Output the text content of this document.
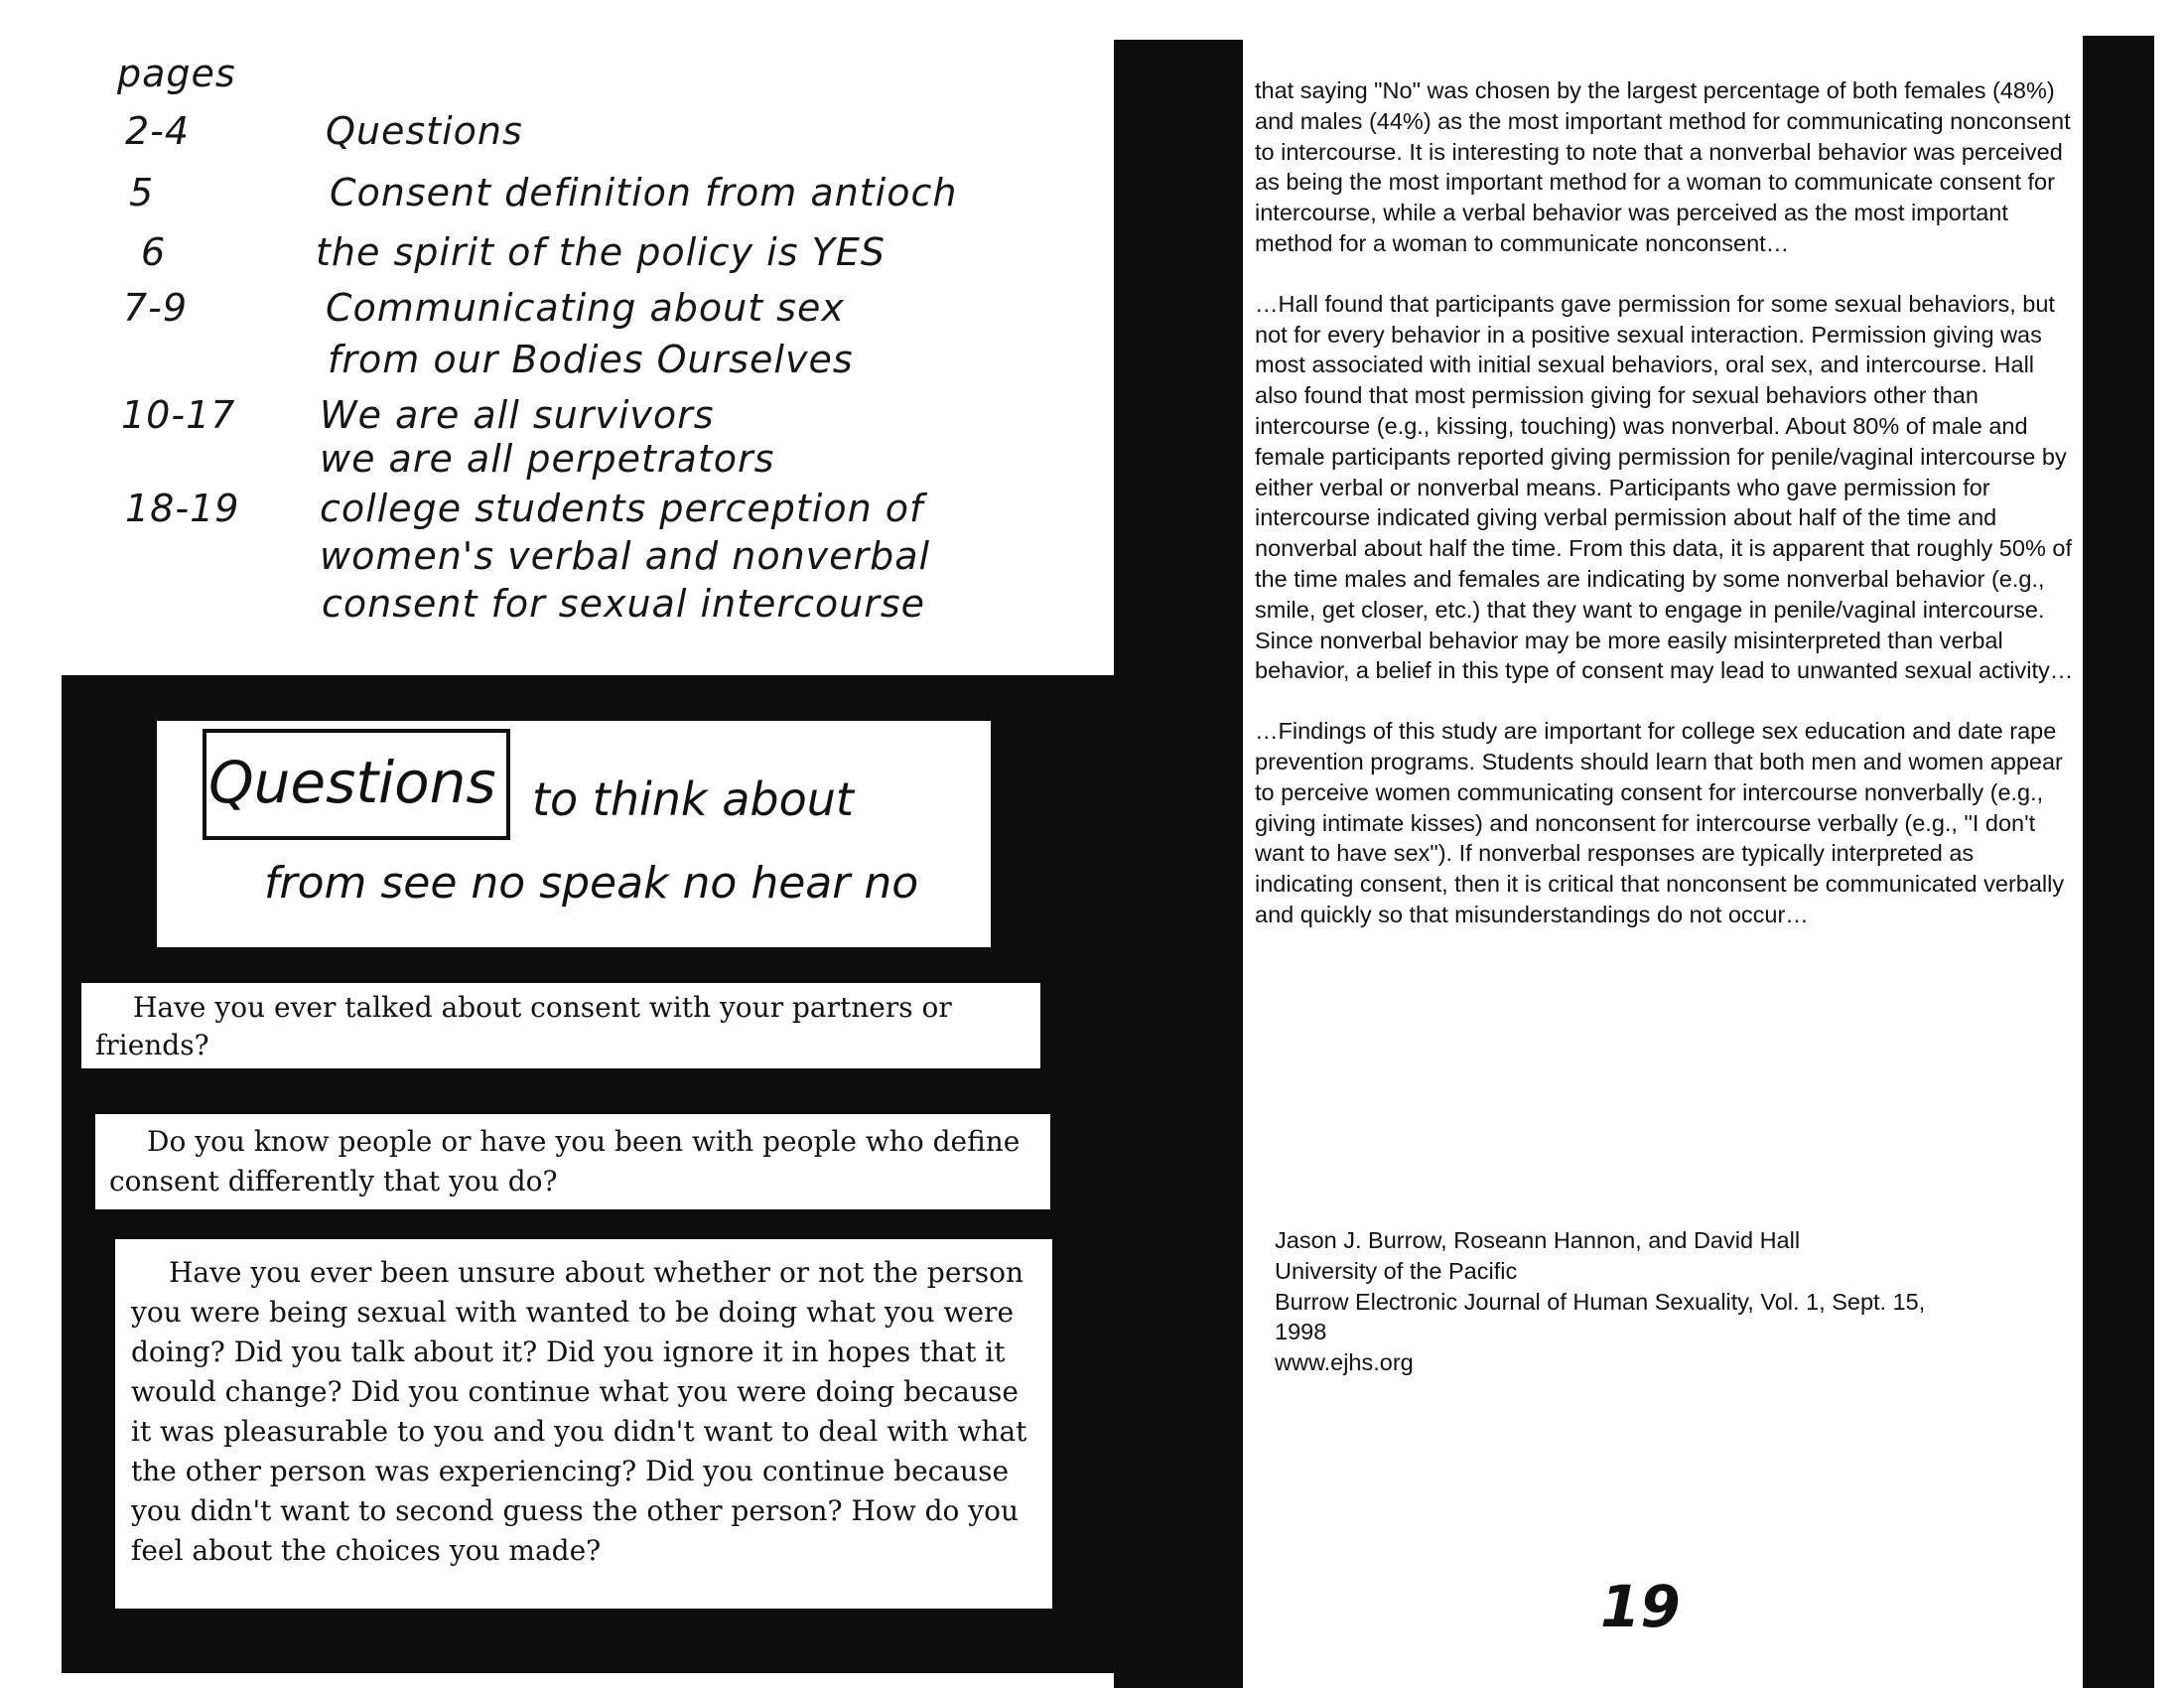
pages
2-4	Questions
5	Consent definition from antioch
6	the spirit of the policy is YES
7-9	Communicating about sex
from our Bodies Ourselves
10-17 We are all survivors
we are all perpetrators
18-19 college students perception of
women's verbal and nonverbal
consent for sexual intercourse
Questions to think about
from see no speak no hear no

Have you ever talked about consent with your partners or friends?

Do you know people or have you been with people who define consent differently that you do?

Have you ever been unsure about whether or not the person you were being sexual with wanted to be doing what you were doing? Did you talk about it? Did you ignore it in hopes that it would change? Did you continue what you were doing because it was pleasurable to you and you didn't want to deal with what the other person was experiencing? Did you continue because you didn't want to second guess the other person? How do you feel about the choices you made?

that saying "No" was chosen by the largest percentage of both females (48%) and males (44%) as the most important method for communicating nonconsent to intercourse. It is interesting to note that a nonverbal behavior was perceived as being the most important method for a woman to communicate consent for intercourse, while a verbal behavior was perceived as the most important method for a woman to communicate nonconsent…

…Hall found that participants gave permission for some sexual behaviors, but not for every behavior in a positive sexual interaction. Permission giving was most associated with initial sexual behaviors, oral sex, and intercourse. Hall also found that most permission giving for sexual behaviors other than intercourse (e.g., kissing, touching) was nonverbal. About 80% of male and female participants reported giving permission for penile/vaginal intercourse by either verbal or nonverbal means. Participants who gave permission for intercourse indicated giving verbal permission about half of the time and nonverbal about half the time. From this data, it is apparent that roughly 50% of the time males and females are indicating by some nonverbal behavior (e.g., smile, get closer, etc.) that they want to engage in penile/vaginal intercourse. Since nonverbal behavior may be more easily misinterpreted than verbal behavior, a belief in this type of consent may lead to unwanted sexual activity…

…Findings of this study are important for college sex education and date rape prevention programs. Students should learn that both men and women appear to perceive women communicating consent for intercourse nonverbally (e.g., giving intimate kisses) and nonconsent for intercourse verbally (e.g., "I don't want to have sex"). If nonverbal responses are typically interpreted as indicating consent, then it is critical that nonconsent be communicated verbally and quickly so that misunderstandings do not occur…

Jason J. Burrow, Roseann Hannon, and David Hall
University of the Pacific
Burrow Electronic Journal of Human Sexuality, Vol. 1, Sept. 15,
1998
www.ejhs.org
19
